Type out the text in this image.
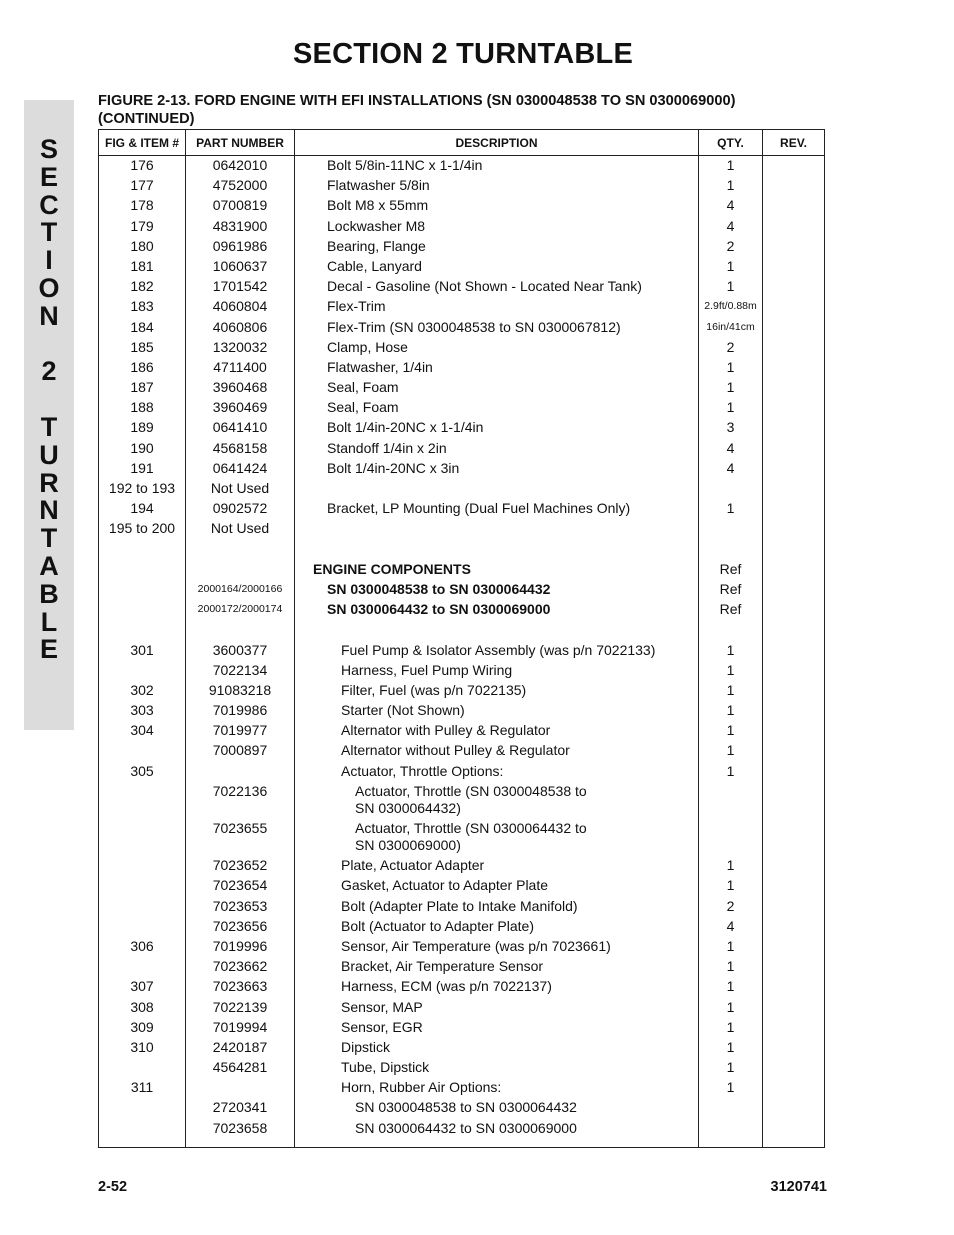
SECTION 2 TURNTABLE
S
E
C
T
I
O
N
2
T
U
R
N
T
A
B
L
E
FIGURE 2-13. FORD ENGINE WITH EFI INSTALLATIONS (SN 0300048538 TO SN 0300069000)
(CONTINUED)
FIG & ITEM #	PART NUMBER	DESCRIPTION	QTY.	REV.
176	0642010	Bolt 5/8in-11NC x 1-1/4in	1	
177	4752000	Flatwasher 5/8in	1	
178	0700819	Bolt M8 x 55mm	4	
179	4831900	Lockwasher M8	4	
180	0961986	Bearing, Flange	2	
181	1060637	Cable, Lanyard	1	
182	1701542	Decal - Gasoline (Not Shown - Located Near Tank)	1	
183	4060804	Flex-Trim	2.9ft/0.88m	
184	4060806	Flex-Trim (SN 0300048538 to SN 0300067812)	16in/41cm	
185	1320032	Clamp, Hose	2	
186	4711400	Flatwasher, 1/4in	1	
187	3960468	Seal, Foam	1	
188	3960469	Seal, Foam	1	
189	0641410	Bolt 1/4in-20NC x 1-1/4in	3	
190	4568158	Standoff 1/4in x 2in	4	
191	0641424	Bolt 1/4in-20NC x 3in	4	
192 to 193	Not Used	

194	0902572	Bracket, LP Mounting (Dual Fuel Machines Only)	1	
195 to 200	Not Used	

		ENGINE COMPONENTS	Ref	
	2000164/2000166	SN 0300048538 to SN 0300064432	Ref	
	2000172/2000174	SN 0300064432 to SN 0300069000	Ref	

301	3600377	Fuel Pump & Isolator Assembly (was p/n 7022133)	1	
	7022134	Harness, Fuel Pump Wiring	1	
302	91083218	Filter, Fuel (was p/n 7022135)	1	
303	7019986	Starter (Not Shown)	1	
304	7019977	Alternator with Pulley & Regulator	1	
	7000897	Alternator without Pulley & Regulator	1	
305		Actuator, Throttle Options:	1	
	7022136	Actuator, Throttle (SN 0300048538 to
SN 0300064432)		

	7023655	Actuator, Throttle (SN 0300064432 to
SN 0300069000)		

	7023652	Plate, Actuator Adapter	1	
	7023654	Gasket, Actuator to Adapter Plate	1	
	7023653	Bolt (Adapter Plate to Intake Manifold)	2	
	7023656	Bolt (Actuator to Adapter Plate)	4	
306	7019996	Sensor, Air Temperature (was p/n 7023661)	1	
	7023662	Bracket, Air Temperature Sensor	1	
307	7023663	Harness, ECM (was p/n 7022137)	1	
308	7022139	Sensor, MAP	1	
309	7019994	Sensor, EGR	1	
310	2420187	Dipstick	1	
	4564281	Tube, Dipstick	1	
311		Horn, Rubber Air Options:	1	
	2720341	SN 0300048538 to SN 0300064432		

	7023658	SN 0300064432 to SN 0300069000		

2-52	3120741
